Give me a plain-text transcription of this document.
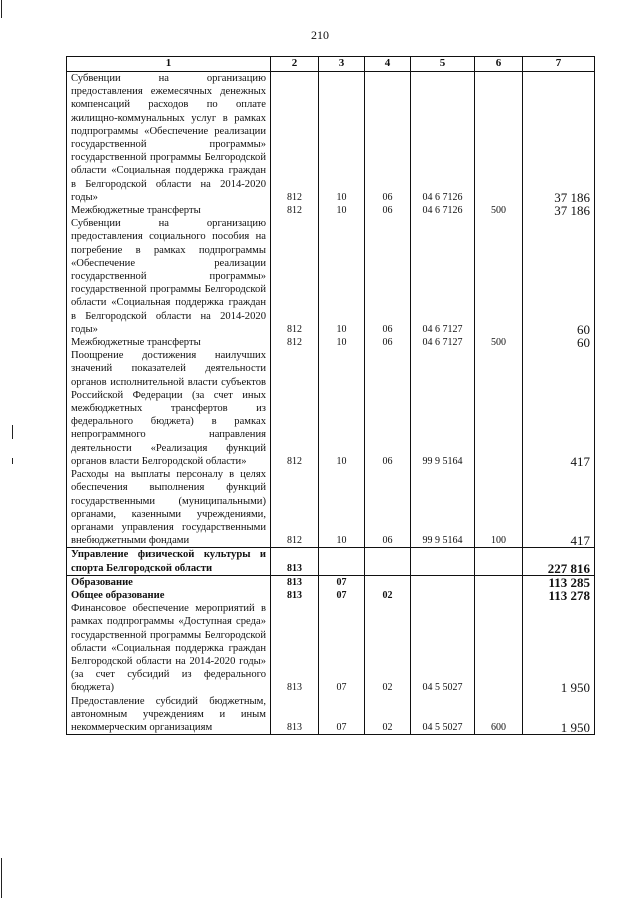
210
1	2	3	4	5	6	7
Субвенции на организацию предоставления ежемесячных денежных компенсаций расходов по оплате жилищно-коммунальных услуг в рамках подпрограммы «Обеспечение реализации государственной программы» государственной программы Белгородской области «Социальная поддержка граждан в Белгородской области на 2014-2020 годы»	812	10	06	04 6 7126		37 186
Межбюджетные трансферты	812	10	06	04 6 7126	500	37 186
Субвенции на организацию предоставления социального пособия на погребение в рамках подпрограммы «Обеспечение реализации государственной программы» государственной программы Белгородской области «Социальная поддержка граждан в Белгородской области на 2014-2020 годы»	812	10	06	04 6 7127		60
Межбюджетные трансферты	812	10	06	04 6 7127	500	60
Поощрение достижения наилучших значений показателей деятельности органов исполнительной власти субъектов Российской Федерации (за счет иных межбюджетных трансфертов из федерального бюджета) в рамках непрограммного направления деятельности «Реализация функций органов власти Белгородской области»	812	10	06	99 9 5164		417
Расходы на выплаты персоналу в целях обеспечения выполнения функций государственными (муниципальными) органами, казенными учреждениями, органами управления государственными внебюджетными фондами	812	10	06	99 9 5164	100	417
Управление физической культуры и спорта Белгородской области	813					227 816
Образование	813	07				113 285
Общее образование	813	07	02			113 278
Финансовое обеспечение мероприятий в рамках подпрограммы «Доступная среда» государственной программы Белгородской области «Социальная поддержка граждан Белгородской области на 2014-2020 годы» (за счет субсидий из федерального бюджета)	813	07	02	04 5 5027		1 950
Предоставление субсидий бюджетным, автономным учреждениям и иным некоммерческим организациям	813	07	02	04 5 5027	600	1 950
